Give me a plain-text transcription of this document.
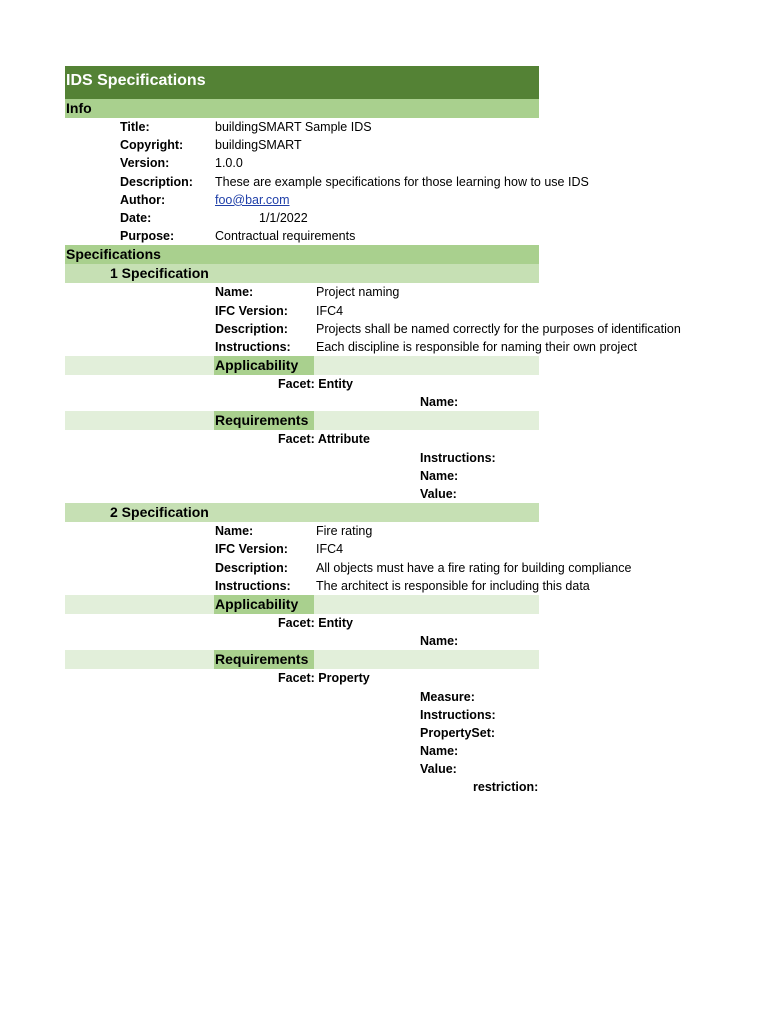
IDS Specifications
Info
Title:	buildingSMART Sample IDS
Copyright:	buildingSMART
Version:	1.0.0
Description: These are example specifications for those learning how to use IDS
Author:	foo@bar.com
Date:	1/1/2022
Purpose:	Contractual requirements
Specifications
1 Specification
Name:	Project naming
IFC Version: IFC4
Description: Projects shall be named correctly for the purposes of identification
Instructions: Each discipline is responsible for naming their own project
Applicability
Facet: Entity
Name:
Requirements
Facet: Attribute
Instructions:
Name:
Value:
2 Specification
Name:	Fire rating
IFC Version: IFC4
Description: All objects must have a fire rating for building compliance
Instructions: The architect is responsible for including this data
Applicability
Facet: Entity
Name:
Requirements
Facet: Property
Measure:
Instructions:
PropertySet:
Name:
Value:
restriction:
